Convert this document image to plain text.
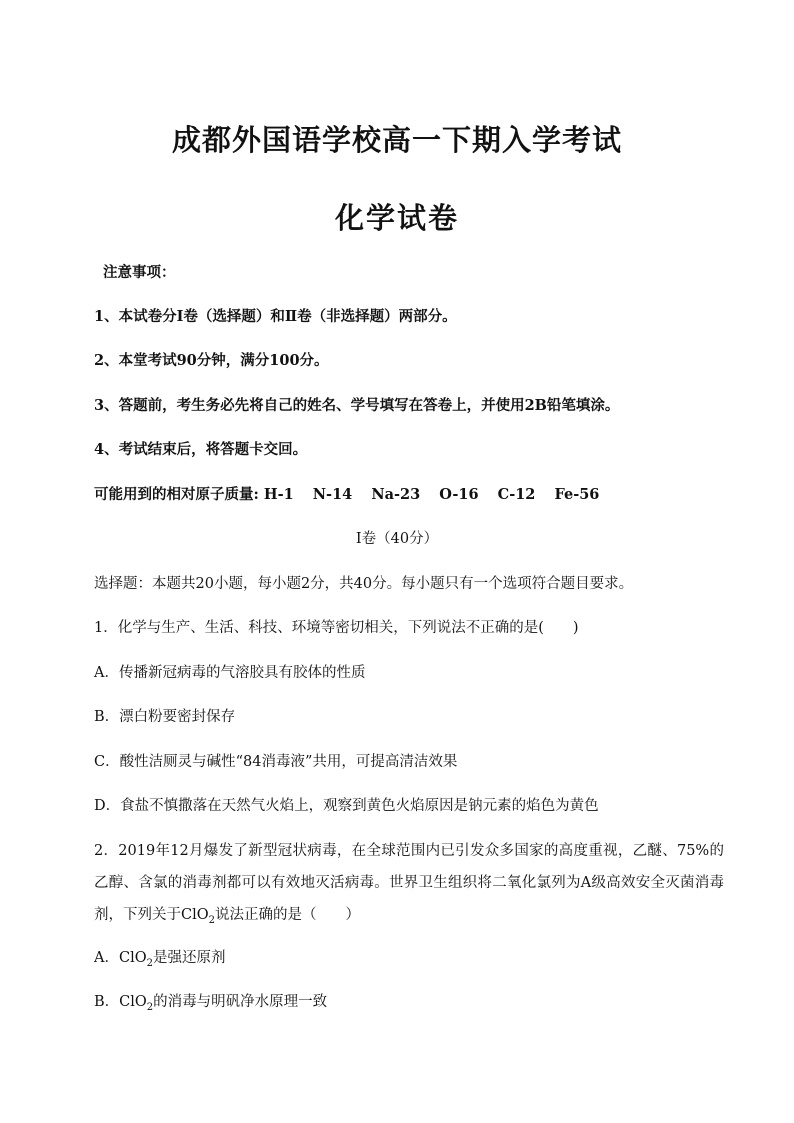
成都外国语学校高一下期入学考试
化学试卷
注意事项：
1、本试卷分Ⅰ卷（选择题）和Ⅱ卷（非选择题）两部分。
2、本堂考试90分钟，满分100分。
3、答题前，考生务必先将自己的姓名、学号填写在答卷上，并使用2B铅笔填涂。
4、考试结束后，将答题卡交回。
可能用到的相对原子质量: H-1 N-14 Na-23 O-16 C-12 Fe-56
Ⅰ卷（40分）
选择题：本题共20小题，每小题2分，共40分。每小题只有一个选项符合题目要求。
1．化学与生产、生活、科技、环境等密切相关，下列说法不正确的是(　　)
A．传播新冠病毒的气溶胶具有胶体的性质
B．漂白粉要密封保存
C．酸性洁厕灵与碱性“84消毒液”共用，可提高清洁效果
D．食盐不慎撒落在天然气火焰上，观察到黄色火焰原因是钠元素的焰色为黄色
2．2019年12月爆发了新型冠状病毒，在全球范围内已引发众多国家的高度重视，乙醚、75%的乙醇、含氯的消毒剂都可以有效地灭活病毒。世界卫生组织将二氧化氯列为A级高效安全灭菌消毒剂，下列关于ClO$_2$说法正确的是（　　）
A．ClO$_2$是强还原剂
B．ClO$_2$的消毒与明矾净水原理一致
